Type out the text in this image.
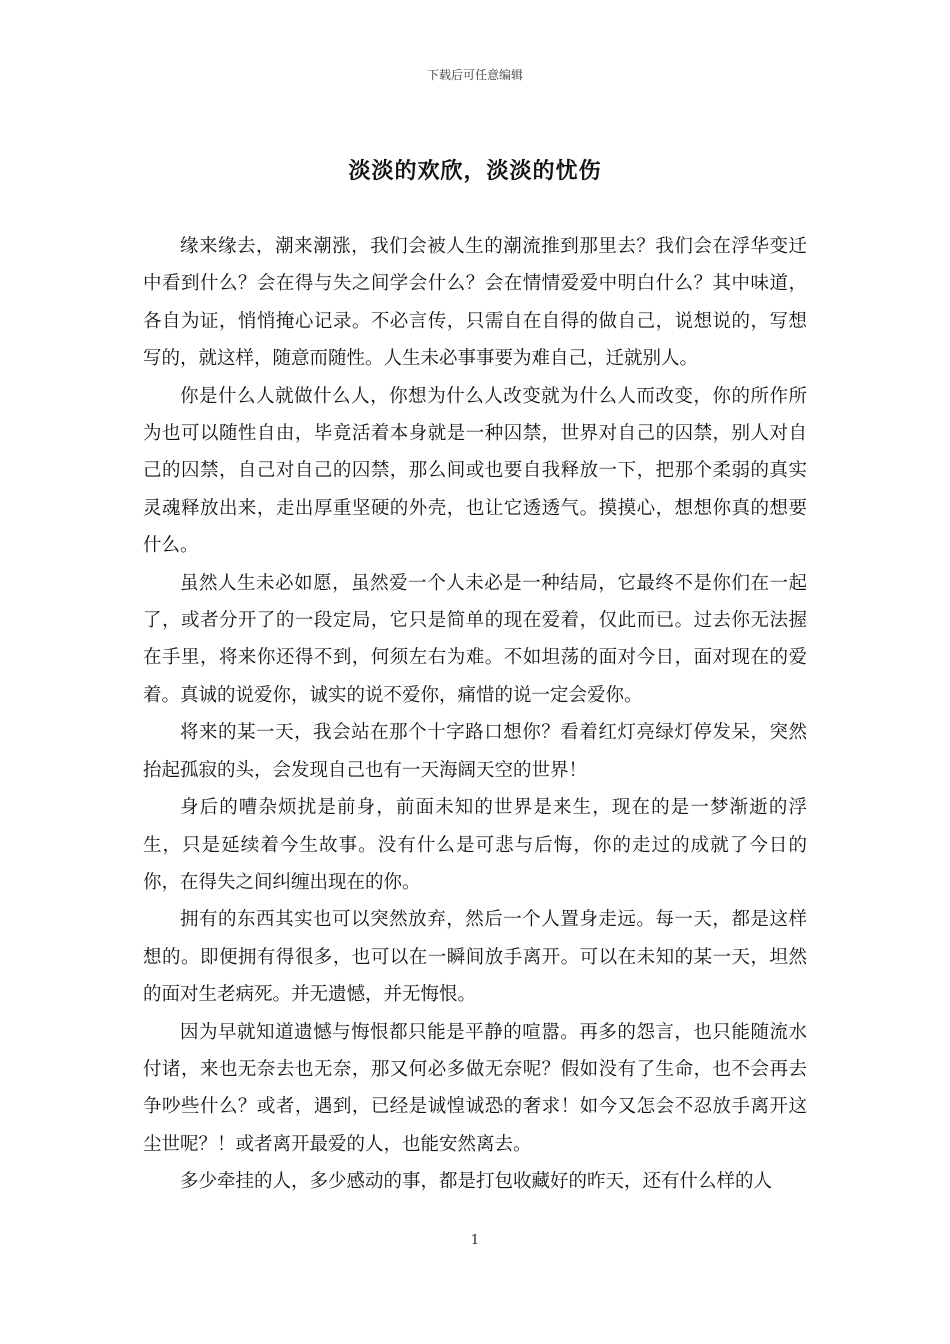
下载后可任意编辑
淡淡的欢欣，淡淡的忧伤

缘来缘去，潮来潮涨，我们会被人生的潮流推到那里去？我们会在浮华变迁中看到什么？会在得与失之间学会什么？会在情情爱爱中明白什么？其中味道，各自为证，悄悄掩心记录。不必言传，只需自在自得的做自己，说想说的，写想写的，就这样，随意而随性。人生未必事事要为难自己，迁就别人。

你是什么人就做什么人，你想为什么人改变就为什么人而改变，你的所作所为也可以随性自由，毕竟活着本身就是一种囚禁，世界对自己的囚禁，别人对自己的囚禁，自己对自己的囚禁，那么间或也要自我释放一下，把那个柔弱的真实灵魂释放出来，走出厚重坚硬的外壳，也让它透透气。摸摸心，想想你真的想要什么。

虽然人生未必如愿，虽然爱一个人未必是一种结局，它最终不是你们在一起了，或者分开了的一段定局，它只是简单的现在爱着，仅此而已。过去你无法握在手里，将来你还得不到，何须左右为难。不如坦荡的面对今日，面对现在的爱着。真诚的说爱你，诚实的说不爱你，痛惜的说一定会爱你。

将来的某一天，我会站在那个十字路口想你？看着红灯亮绿灯停发呆，突然抬起孤寂的头，会发现自己也有一天海阔天空的世界！

身后的嘈杂烦扰是前身，前面未知的世界是来生，现在的是一梦渐逝的浮生，只是延续着今生故事。没有什么是可悲与后悔，你的走过的成就了今日的你，在得失之间纠缠出现在的你。

拥有的东西其实也可以突然放弃，然后一个人置身走远。每一天，都是这样想的。即便拥有得很多，也可以在一瞬间放手离开。可以在未知的某一天，坦然的面对生老病死。并无遗憾，并无悔恨。

因为早就知道遗憾与悔恨都只能是平静的喧嚣。再多的怨言，也只能随流水付诸，来也无奈去也无奈，那又何必多做无奈呢？假如没有了生命，也不会再去争吵些什么？或者，遇到，已经是诚惶诚恐的奢求！如今又怎会不忍放手离开这尘世呢？！或者离开最爱的人，也能安然离去。

多少牵挂的人，多少感动的事，都是打包收藏好的昨天，还有什么样的人

1
